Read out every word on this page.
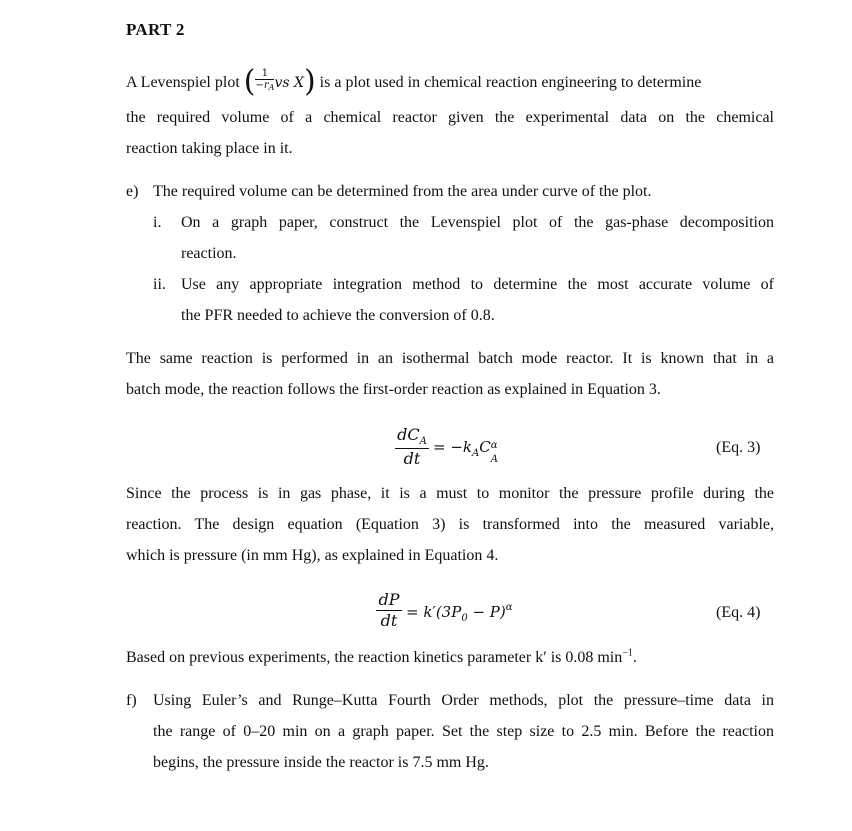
PART 2
A Levenspiel plot ( $\frac{1}{-r_A}$ vs X) is a plot used in chemical reaction engineering to determine
the required volume of a chemical reactor given the experimental data on the chemical
reaction taking place in it.
e) The required volume can be determined from the area under curve of the plot.
i. On a graph paper, construct the Levenspiel plot of the gas-phase decomposition
reaction.
ii. Use any appropriate integration method to determine the most accurate volume of
the PFR needed to achieve the conversion of 0.8.
The same reaction is performed in an isothermal batch mode reactor. It is known that in a
batch mode, the reaction follows the first-order reaction as explained in Equation 3.
$dC_A$
dt
= $-k_AC$ α
A
(Eq. 3)
Since the process is in gas phase, it is a must to monitor the pressure profile during the
reaction. The design equation (Equation 3) is transformed into the measured variable,
which is pressure (in mm Hg), as explained in Equation 4.
dP
dt = $k'(3P_0 - P)^\alpha$	(Eq. 4)
Based on previous experiments, the reaction kinetics parameter k′ is 0.08 $\min^{-1}$.
f) Using Euler’s and Runge–Kutta Fourth Order methods, plot the pressure–time data in
the range of 0–20 min on a graph paper. Set the step size to 2.5 min. Before the reaction
begins, the pressure inside the reactor is 7.5 mm Hg.
